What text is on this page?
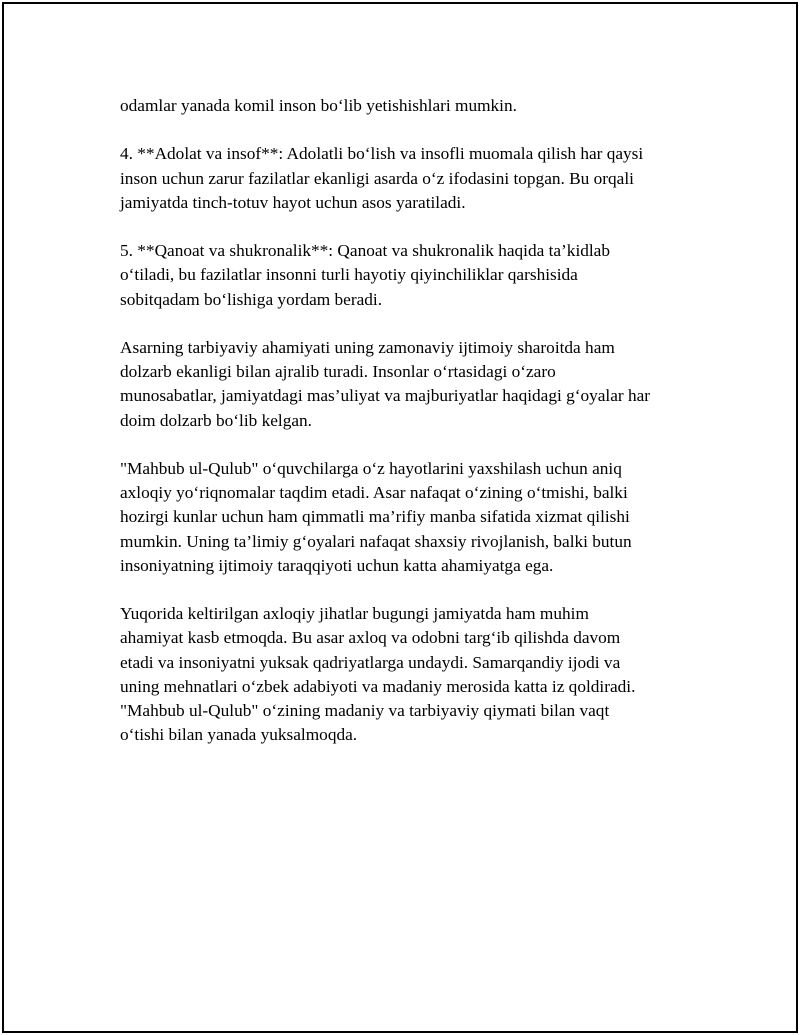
odamlar yanada komil inson bo‘lib yetishishlari mumkin.

4. **Adolat va insof**: Adolatli bo‘lish va insofli muomala qilish har qaysi
inson uchun zarur fazilatlar ekanligi asarda o‘z ifodasini topgan. Bu orqali
jamiyatda tinch-totuv hayot uchun asos yaratiladi.

5. **Qanoat va shukronalik**: Qanoat va shukronalik haqida ta’kidlab
o‘tiladi, bu fazilatlar insonni turli hayotiy qiyinchiliklar qarshisida
sobitqadam bo‘lishiga yordam beradi.

Asarning tarbiyaviy ahamiyati uning zamonaviy ijtimoiy sharoitda ham
dolzarb ekanligi bilan ajralib turadi. Insonlar o‘rtasidagi o‘zaro
munosabatlar, jamiyatdagi mas’uliyat va majburiyatlar haqidagi g‘oyalar har
doim dolzarb bo‘lib kelgan.

"Mahbub ul-Qulub" o‘quvchilarga o‘z hayotlarini yaxshilash uchun aniq
axloqiy yo‘riqnomalar taqdim etadi. Asar nafaqat o‘zining o‘tmishi, balki
hozirgi kunlar uchun ham qimmatli ma’rifiy manba sifatida xizmat qilishi
mumkin. Uning ta’limiy g‘oyalari nafaqat shaxsiy rivojlanish, balki butun
insoniyatning ijtimoiy taraqqiyoti uchun katta ahamiyatga ega.

Yuqorida keltirilgan axloqiy jihatlar bugungi jamiyatda ham muhim
ahamiyat kasb etmoqda. Bu asar axloq va odobni targ‘ib qilishda davom
etadi va insoniyatni yuksak qadriyatlarga undaydi. Samarqandiy ijodi va
uning mehnatlari o‘zbek adabiyoti va madaniy merosida katta iz qoldiradi.
"Mahbub ul-Qulub" o‘zining madaniy va tarbiyaviy qiymati bilan vaqt
o‘tishi bilan yanada yuksalmoqda.
